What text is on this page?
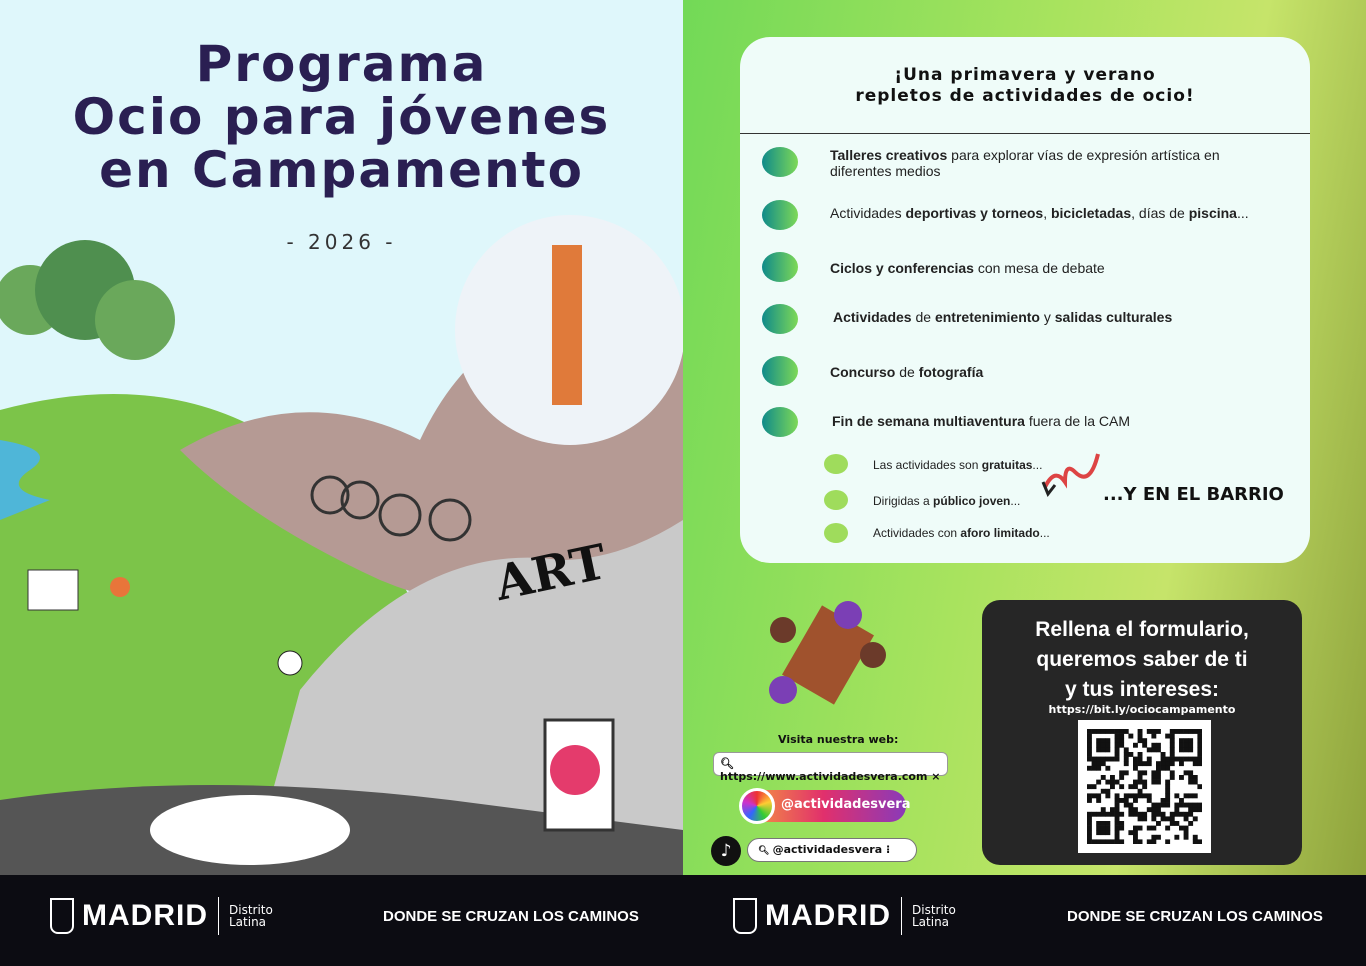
Programa
Ocio para jóvenes
en Campamento
- 2026 -
ART
¡Una primavera y verano
repletos de actividades de ocio!
Talleres creativos para explorar vías de expresión artística en diferentes medios
Actividades deportivas y torneos, bicicletadas, días de piscina...
Ciclos y conferencias con mesa de debate
Actividades de entretenimiento y salidas culturales
Concurso de fotografía
Fin de semana multiaventura fuera de la CAM
Las actividades son gratuitas...
Dirigidas a público joven...
Actividades con aforo limitado...
...Y EN EL BARRIO
Visita nuestra web:
🔍︎ https://www.actividadesvera.com ×
@actividadesvera
♪	🔍︎ @actividadesvera ⁝
Rellena el formulario,
queremos saber de ti
y tus intereses:
https://bit.ly/ociocampamento
MADRID Distrito
Latina	DONDE SE CRUZAN LOS CAMINOS	MADRID Distrito
Latina	DONDE SE CRUZAN LOS CAMINOS
